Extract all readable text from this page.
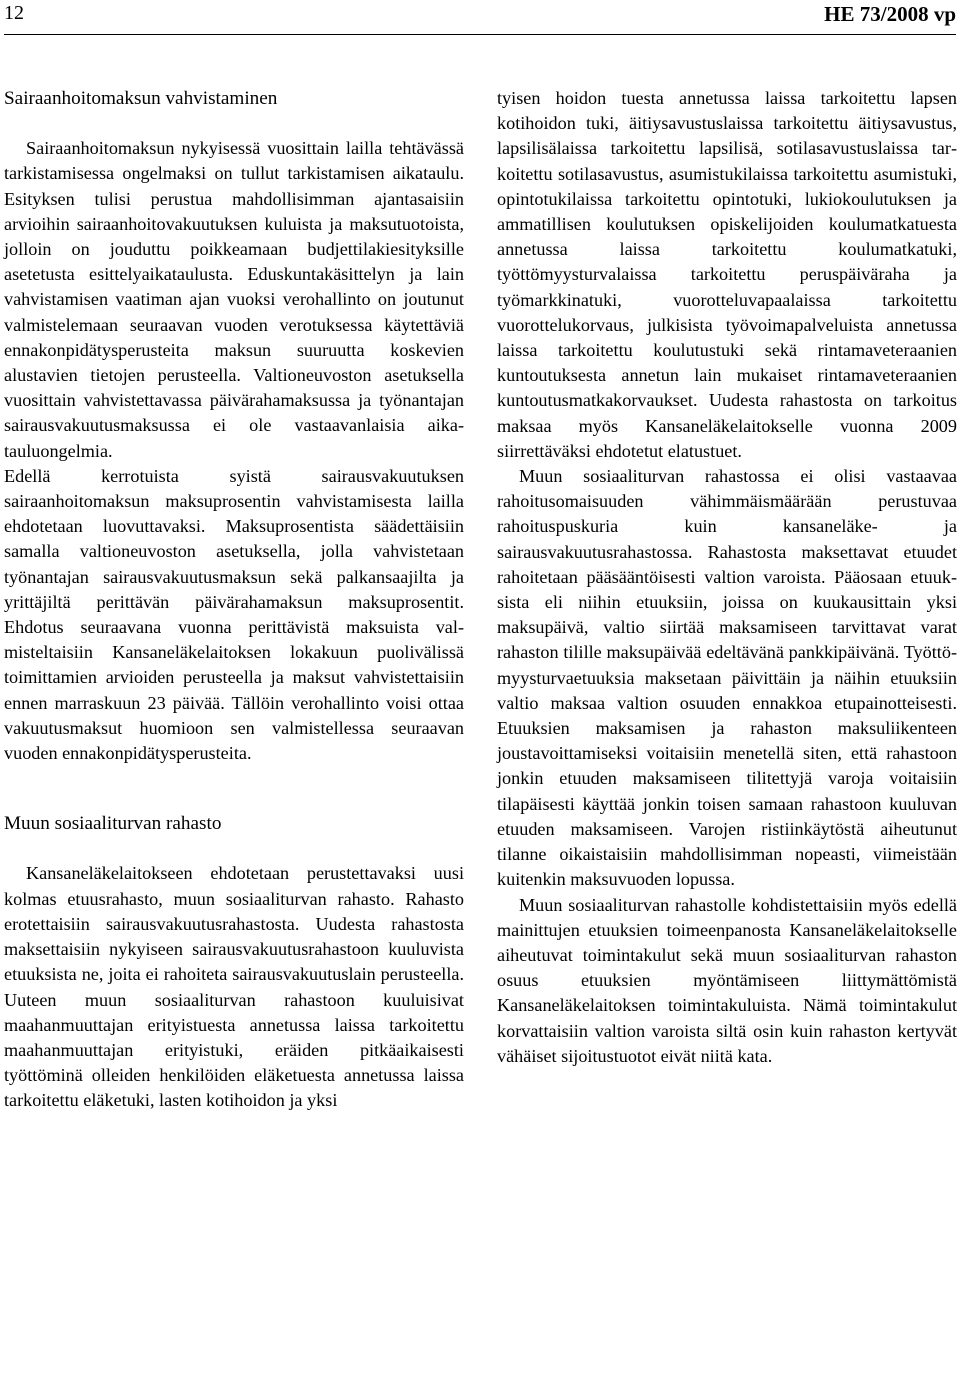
12	HE 73/2008 vp
Sairaanhoitomaksun vahvistaminen

Sairaanhoitomaksun nykyisessä vuosittain lailla tehtävässä tarkistamisessa ongelmaksi on tullut tarkistamisen aikataulu. Esityksen tulisi perustua mahdollisimman ajantasaisiin arvioihin sairaanhoitovakuutuksen kuluista ja maksutuotoista, jolloin on jouduttu poikkeamaan budjettilakiesityksille asetetusta esittelyaikataulusta. Eduskuntakäsittelyn ja lain vahvistamisen vaatiman ajan vuoksi verohallinto on joutunut valmistelemaan seuraavan vuoden verotuksessa käytettäviä ennakonpidätysperusteita maksun suuruutta koskevien alustavien tietojen perusteella. Valtioneuvoston asetuksella vuosittain vahvistettavassa päivärahamaksussa ja työnantajan sairausvakuutusmaksussa ei ole vastaavanlaisia aikatauluongelmia.

Edellä kerrotuista syistä sairausvakuutuksen sairaanhoitomaksun maksuprosentin vahvistamisesta lailla ehdotetaan luovuttavaksi. Maksuprosentista säädettäisiin samalla valtioneuvoston asetuksella, jolla vahvistetaan työnantajan sairausvakuutusmaksun sekä palkansaajilta ja yrittäjiltä perittävän päivärahamaksun maksuprosentit. Ehdotus seuraavana vuonna perittävistä maksuista valmisteltaisiin Kansaneläkelaitoksen lokakuun puolivälissä toimittamien arvioiden perusteella ja maksut vahvistettaisiin ennen marraskuun 23 päivää. Tällöin verohallinto voisi ottaa vakuutusmaksut huomioon sen valmistellessa seuraavan vuoden ennakonpidätysperusteita.

Muun sosiaaliturvan rahasto

Kansaneläkelaitokseen ehdotetaan perustettavaksi uusi kolmas etuusrahasto, muun sosiaaliturvan rahasto. Rahasto erotettaisiin sairausvakuutusrahastosta. Uudesta rahastosta maksettaisiin nykyiseen sairausvakuutusrahastoon kuuluvista etuuksista ne, joita ei rahoiteta sairausvakuutuslain perusteella. Uuteen muun sosiaaliturvan rahastoon kuuluisivat maahanmuuttajan erityistuesta annetussa laissa tarkoitettu maahanmuuttajan erityistuki, eräiden pitkäaikaisesti työttöminä olleiden henkilöiden eläketuesta annetussa laissa tarkoitettu eläketuki, lasten kotihoidon ja yksi

tyisen hoidon tuesta annetussa laissa tarkoitettu lapsen kotihoidon tuki, äitiysavustuslaissa tarkoitettu äitiysavustus, lapsilisälaissa tarkoitettu lapsilisä, sotilasavustuslaissa tarkoitettu sotilasavustus, asumistukilaissa tarkoitettu asumistuki, opintotukilaissa tarkoitettu opintotuki, lukiokoulutuksen ja ammatillisen koulutuksen opiskelijoiden koulumatkatuesta annetussa laissa tarkoitettu koulumatkatuki, työttömyysturvalaissa tarkoitettu peruspäiväraha ja työmarkkinatuki, vuorotteluvapaalaissa tarkoitettu vuorottelukorvaus, julkisista työvoimapalveluista annetussa laissa tarkoitettu koulutustuki sekä rintamaveteraanien kuntoutuksesta annetun lain mukaiset rintamaveteraanien kuntoutusmatkakorvaukset. Uudesta rahastosta on tarkoitus maksaa myös Kansaneläkelaitokselle vuonna 2009 siirrettäväksi ehdotetut elatustuet.

Muun sosiaaliturvan rahastossa ei olisi vastaavaa rahoitusomaisuuden vähimmäismäärään perustuvaa rahoituspuskuria kuin kansaneläke- ja sairausvakuutusrahastossa. Rahastosta maksettavat etuudet rahoitetaan pääsääntöisesti valtion varoista. Pääosaan etuuksista eli niihin etuuksiin, joissa on kuukausittain yksi maksupäivä, valtio siirtää maksamiseen tarvittavat varat rahaston tilille maksupäivää edeltävänä pankkipäivänä. Työttömyysturvaetuuksia maksetaan päivittäin ja näihin etuuksiin valtio maksaa valtion osuuden ennakkoa etupainotteisesti. Etuuksien maksamisen ja rahaston maksuliikenteen joustavoittamiseksi voitaisiin menetellä siten, että rahastoon jonkin etuuden maksamiseen tilitettyjä varoja voitaisiin tilapäisesti käyttää jonkin toisen samaan rahastoon kuuluvan etuuden maksamiseen. Varojen ristiinkäytöstä aiheutunut tilanne oikaistaisiin mahdollisimman nopeasti, viimeistään kuitenkin maksuvuoden lopussa.

Muun sosiaaliturvan rahastolle kohdistettaisiin myös edellä mainittujen etuuksien toimeenpanosta Kansaneläkelaitokselle aiheutuvat toimintakulut sekä muun sosiaaliturvan rahaston osuus etuuksien myöntämiseen liittymättömistä Kansaneläkelaitoksen toimintakuluista. Nämä toimintakulut korvattaisiin valtion varoista siltä osin kuin rahaston kertyvät vähäiset sijoitustuotot eivät niitä kata.
